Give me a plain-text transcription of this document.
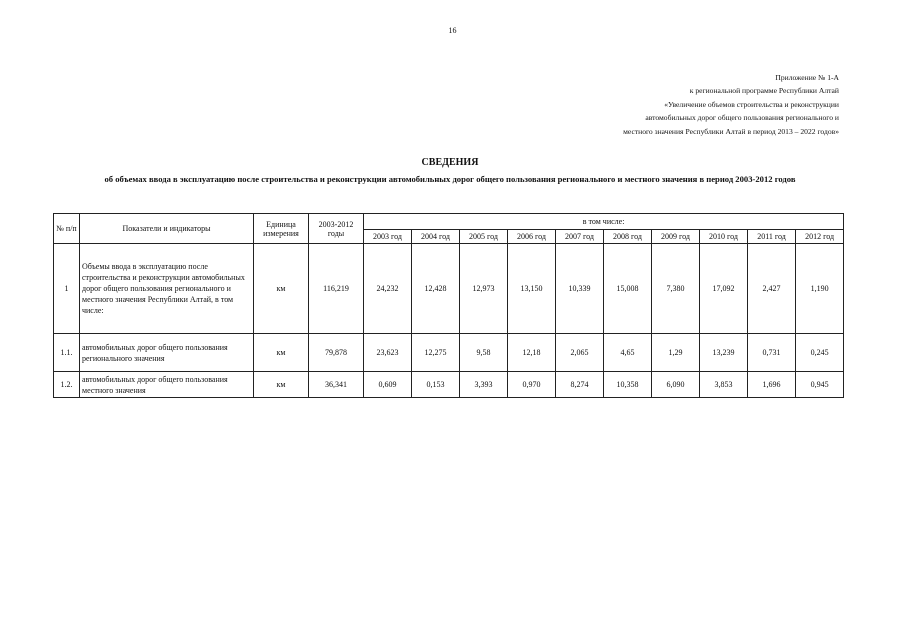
16
Приложение № 1-А
к региональной программе Республики Алтай
«Увеличение объемов строительства и реконструкции
автомобильных дорог общего пользования регионального и
местного значения Республики Алтай в период 2013 – 2022 годов»
СВЕДЕНИЯ
об объемах ввода в эксплуатацию после строительства и реконструкции автомобильных дорог общего пользования регионального и местного значения в период 2003-2012 годов
№ п/п	Показатели и индикаторы	Единица измерения	2003-2012 годы	в том числе:									
				2003 год	2004 год	2005 год	2006 год	2007 год	2008 год	2009 год	2010 год	2011 год	2012 год
1	Объемы ввода в эксплуатацию после строительства и реконструкции автомобильных дорог общего пользования регионального и местного значения Республики Алтай, в том числе:	км	116,219	24,232	12,428	12,973	13,150	10,339	15,008	7,380	17,092	2,427	1,190
1.1.	автомобильных дорог общего пользования регионального значения	км	79,878	23,623	12,275	9,58	12,18	2,065	4,65	1,29	13,239	0,731	0,245
1.2.	автомобильных дорог общего пользования местного значения	км	36,341	0,609	0,153	3,393	0,970	8,274	10,358	6,090	3,853	1,696	0,945
